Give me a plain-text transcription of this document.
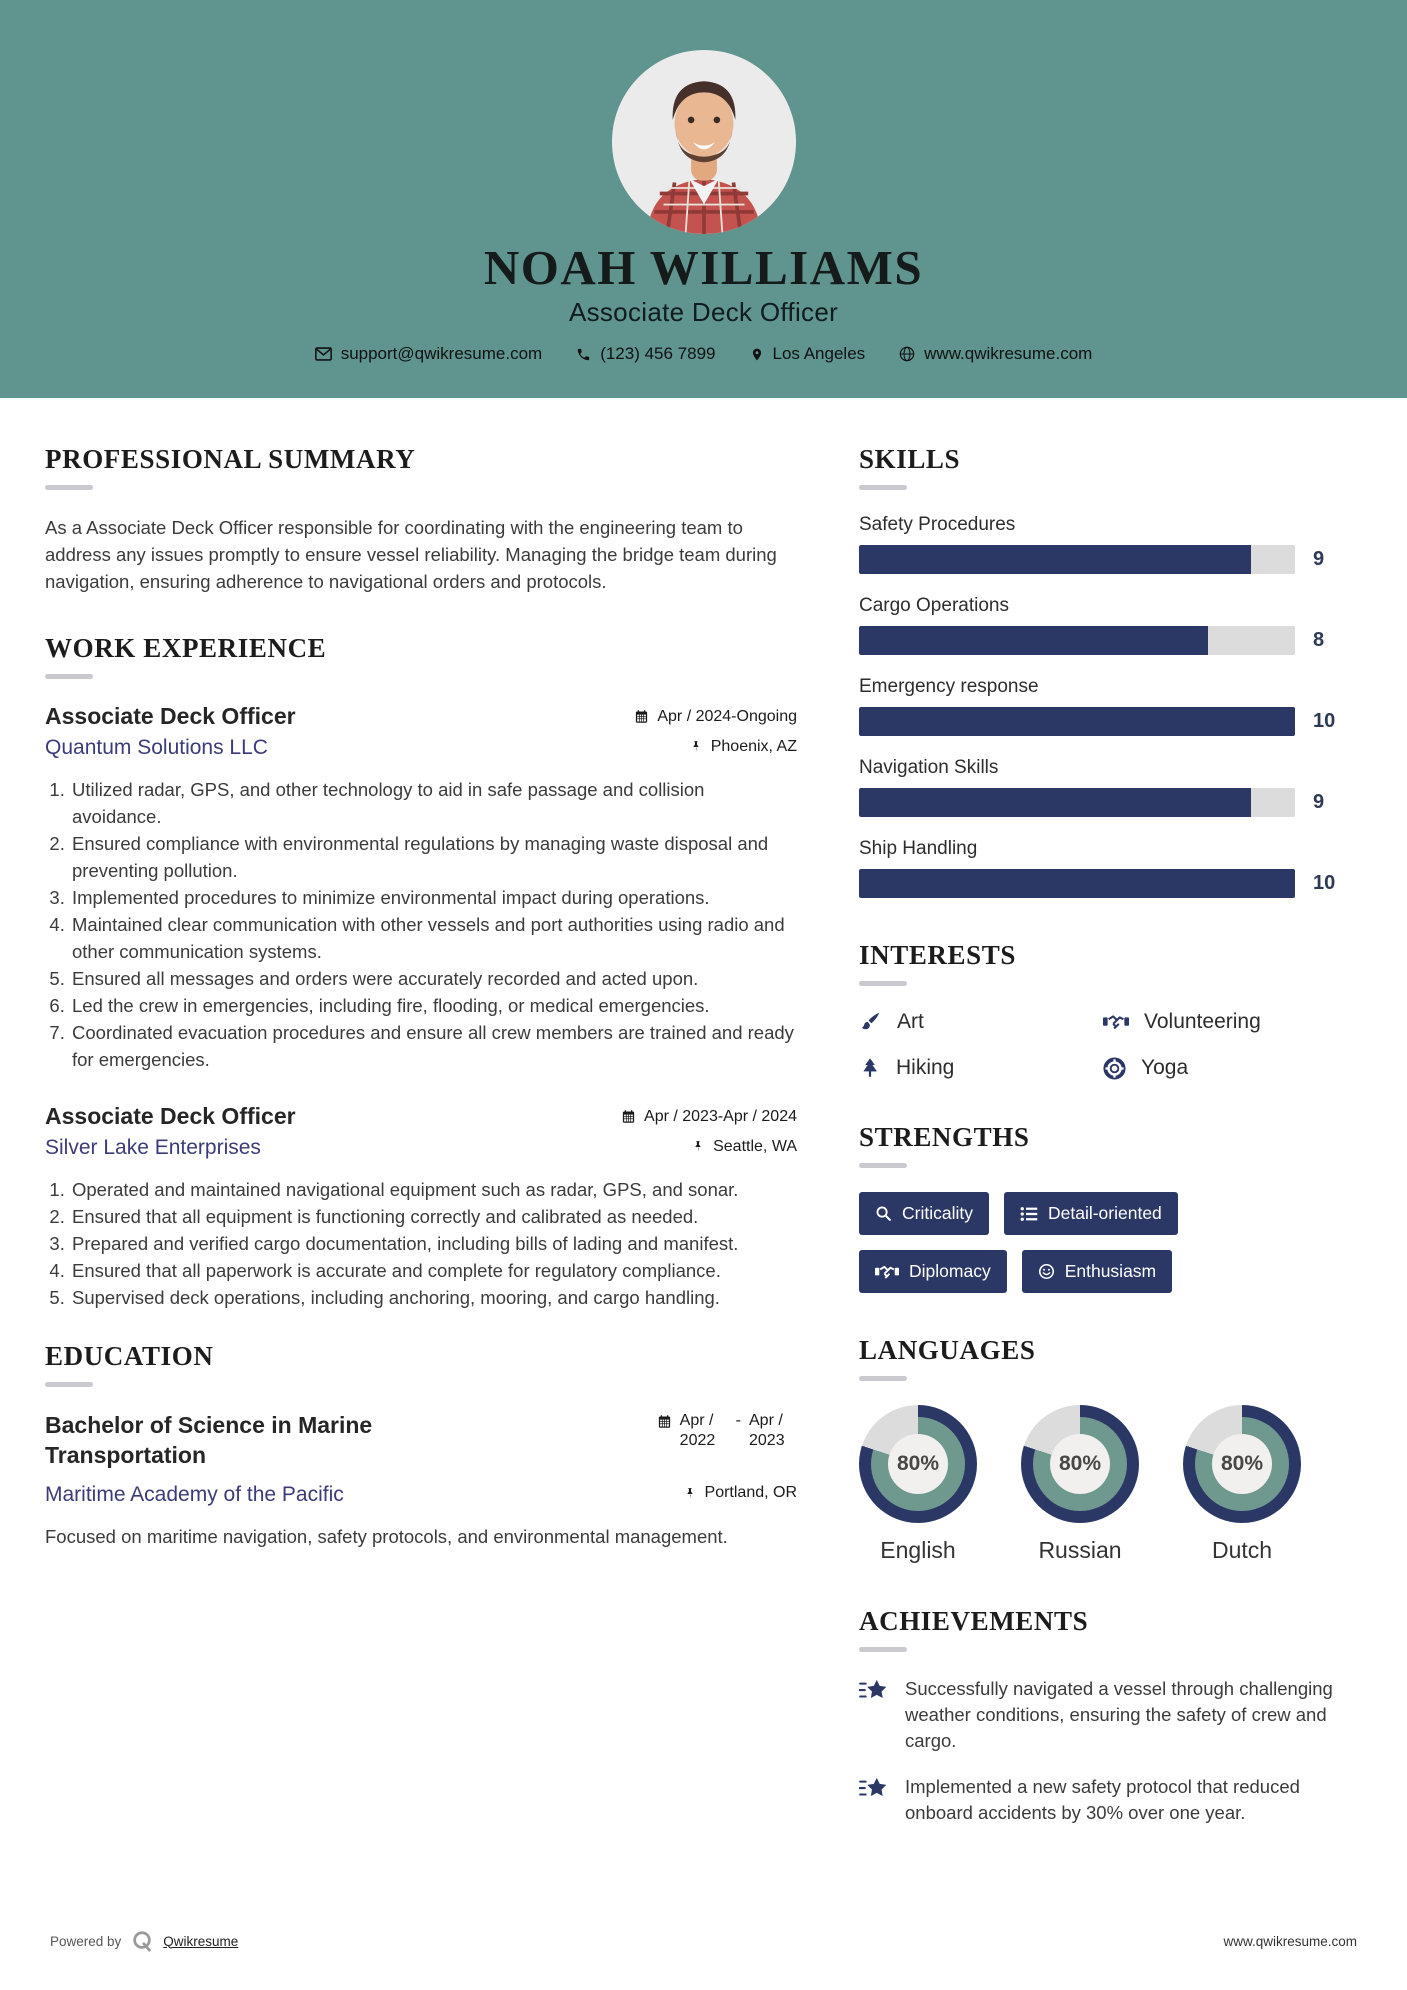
NOAH WILLIAMS
Associate Deck Officer
support@qwikresume.com	(123) 456 7899	Los Angeles	www.qwikresume.com
PROFESSIONAL SUMMARY

As a Associate Deck Officer responsible for coordinating with the engineering team to address any issues promptly to ensure vessel reliability. Managing the bridge team during navigation, ensuring adherence to navigational orders and protocols.

WORK EXPERIENCE
Associate Deck Officer	Apr / 2024-Ongoing
Quantum Solutions LLC	Phoenix, AZ
1. Utilized radar, GPS, and other technology to aid in safe passage and collision avoidance.
2. Ensured compliance with environmental regulations by managing waste disposal and preventing pollution.
3. Implemented procedures to minimize environmental impact during operations.
4. Maintained clear communication with other vessels and port authorities using radio and other communication systems.
5. Ensured all messages and orders were accurately recorded and acted upon.
6. Led the crew in emergencies, including fire, flooding, or medical emergencies.
7. Coordinated evacuation procedures and ensure all crew members are trained and ready for emergencies.
Associate Deck Officer	Apr / 2023-Apr / 2024
Silver Lake Enterprises	Seattle, WA
1. Operated and maintained navigational equipment such as radar, GPS, and sonar.
2. Ensured that all equipment is functioning correctly and calibrated as needed.
3. Prepared and verified cargo documentation, including bills of lading and manifest.
4. Ensured that all paperwork is accurate and complete for regulatory compliance.
5. Supervised deck operations, including anchoring, mooring, and cargo handling.
EDUCATION
Bachelor of Science in Marine Transportation
Apr / 2022
- Apr / 2023
Maritime Academy of the Pacific	Portland, OR

Focused on maritime navigation, safety protocols, and environmental management.

SKILLS
Safety Procedures
9
Cargo Operations
8
Emergency response
10
Navigation Skills
9
Ship Handling
10
INTERESTS
Art	Volunteering
Hiking	Yoga
STRENGTHS
Criticality	Detail-oriented
Diplomacy	Enthusiasm
LANGUAGES
80%
English
80%
Russian
80%
Dutch
ACHIEVEMENTS

Successfully navigated a vessel through challenging weather conditions, ensuring the safety of crew and cargo.

Implemented a new safety protocol that reduced onboard accidents by 30% over one year.

Powered by	Qwikresume	www.qwikresume.com
